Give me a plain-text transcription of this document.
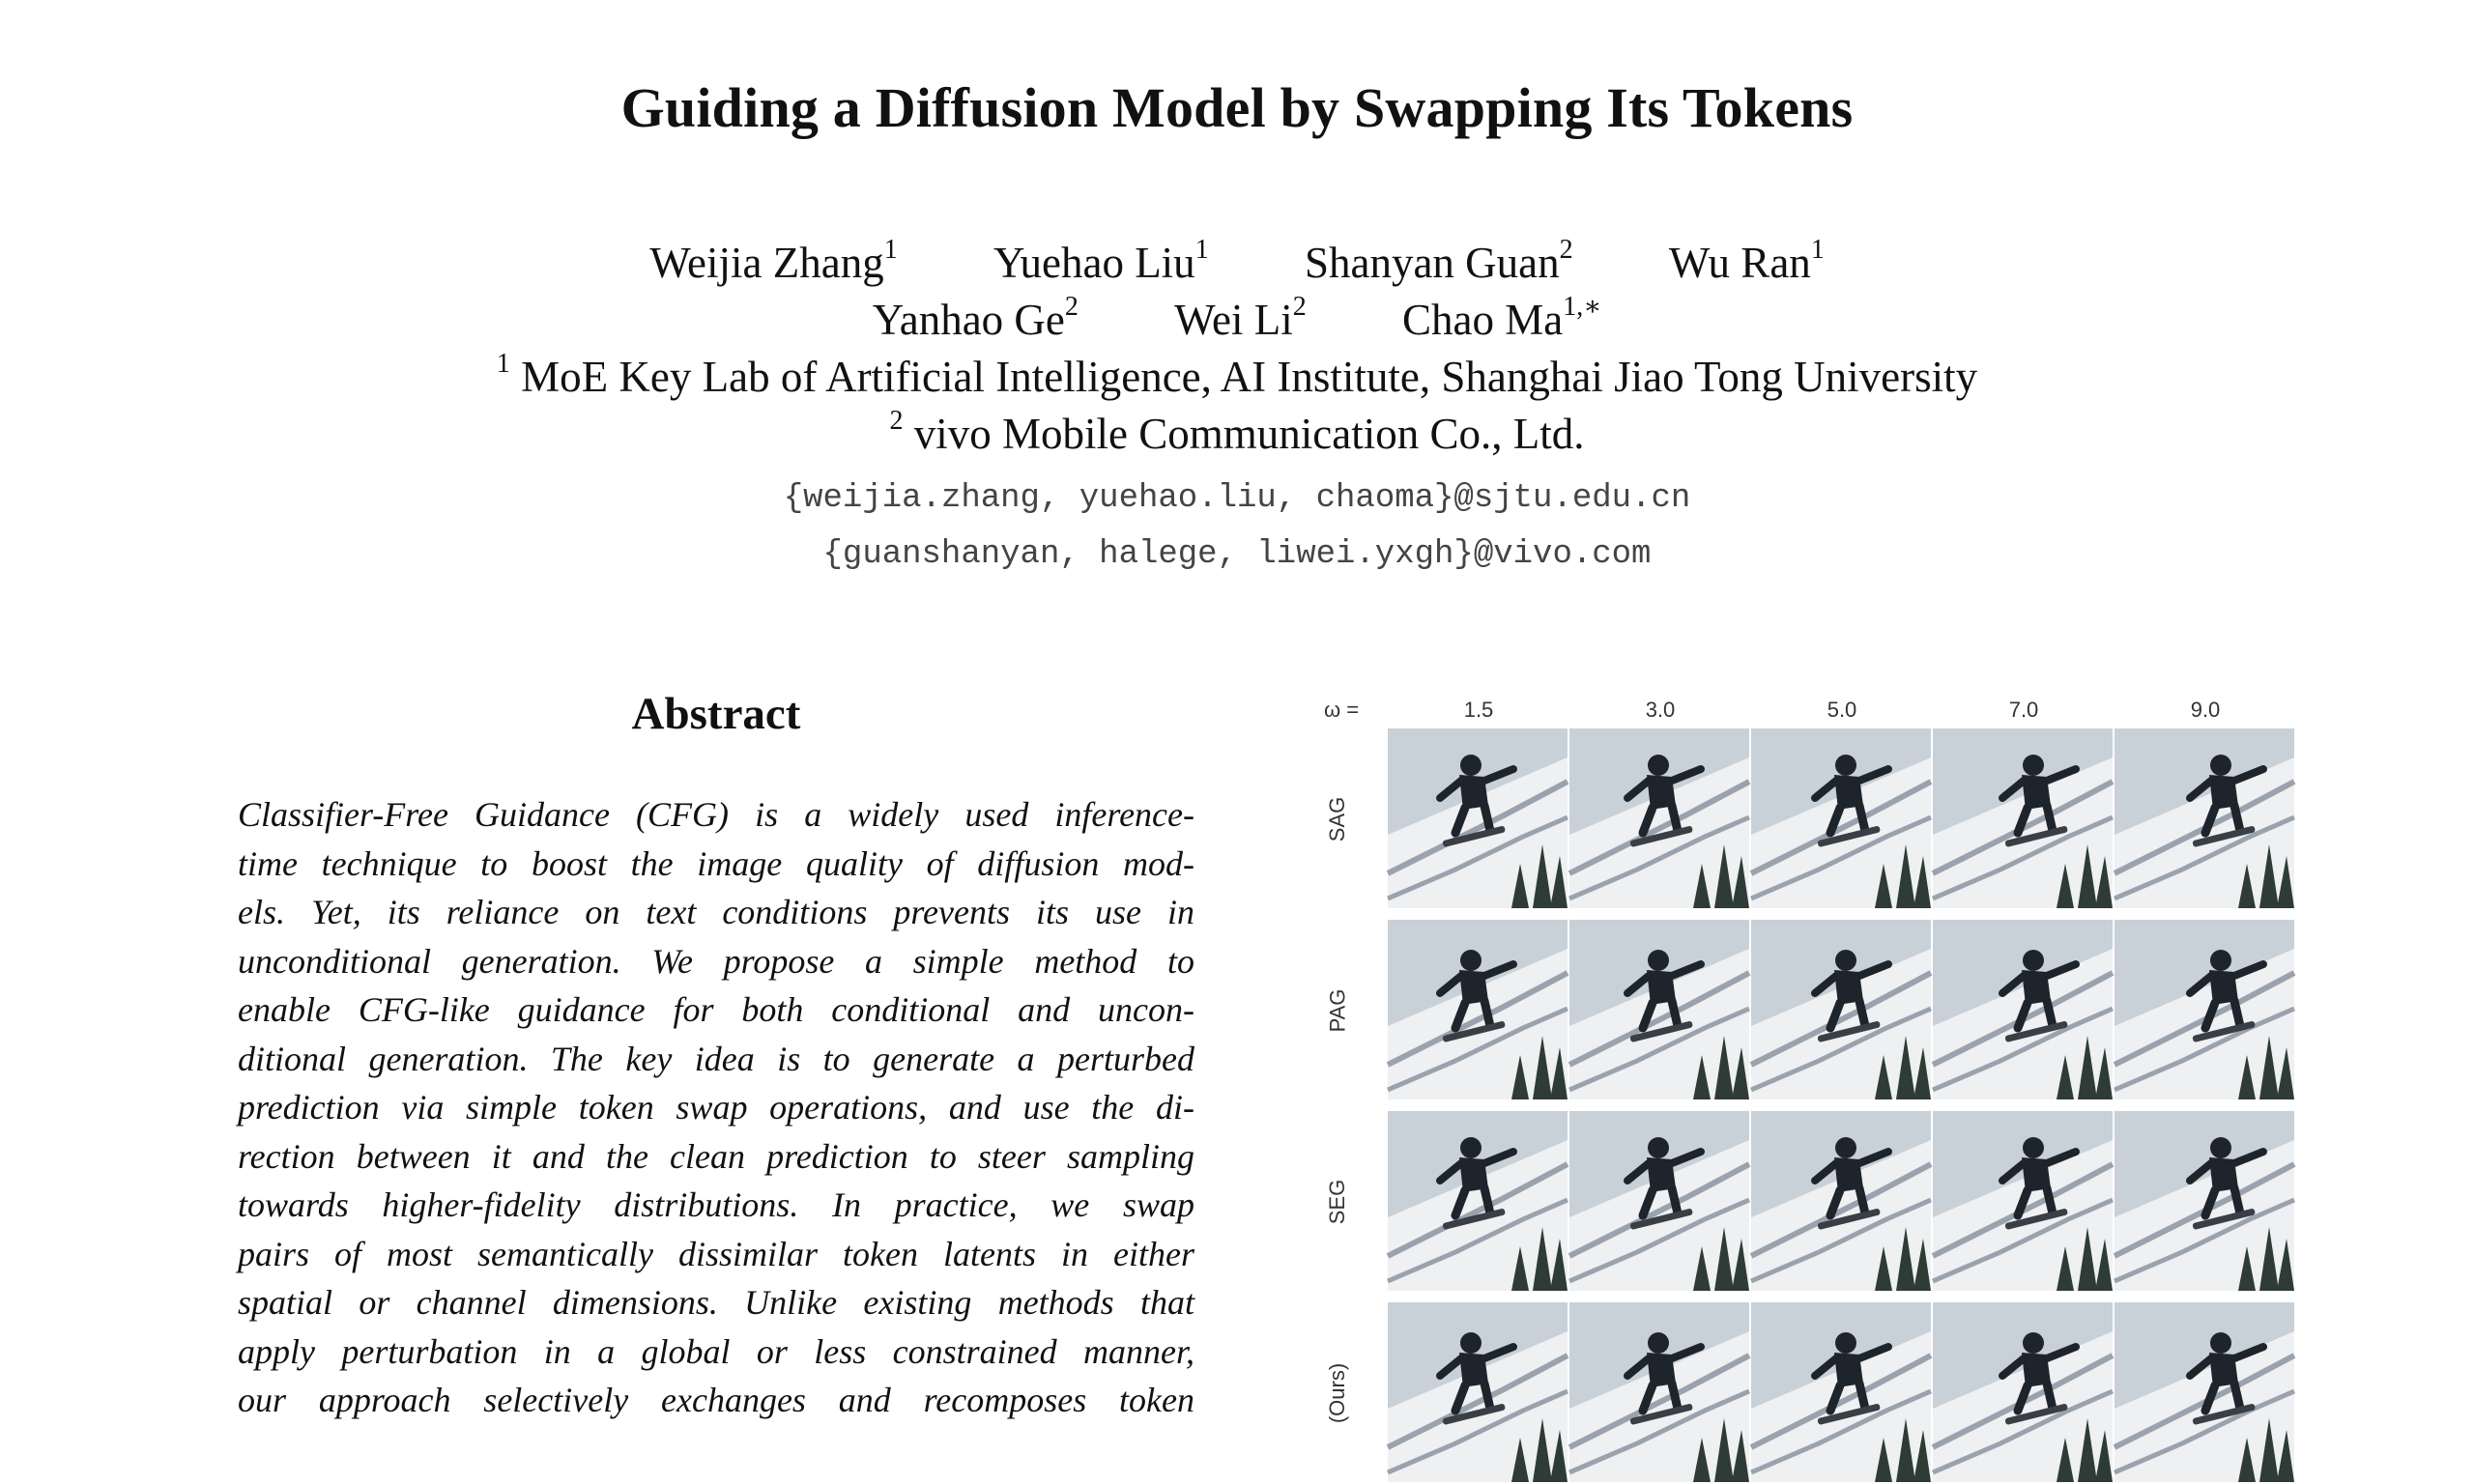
Guiding a Diffusion Model by Swapping Its Tokens
Weijia Zhang$^1$ Yuehao Liu$^1$ Shanyan Guan$^2$ Wu Ran$^1$
Yanhao Ge$^2$ Wei Li$^2$ Chao $Ma^{1,∗}$
$^1$ MoE Key Lab of Artificial Intelligence, AI Institute, Shanghai Jiao Tong University
$^2$ vivo Mobile Communication Co., Ltd.
{weijia.zhang, yuehao.liu, chaoma}@sjtu.edu.cn
{guanshanyan, halege, liwei.yxgh}@vivo.com
Abstract
Classifier-Free Guidance (CFG) is a widely used inference-
time technique to boost the image quality of diffusion mod-
els. Yet, its reliance on text conditions prevents its use in
unconditional generation. We propose a simple method to
enable CFG-like guidance for both conditional and uncon-
ditional generation. The key idea is to generate a perturbed
prediction via simple token swap operations, and use the di-
rection between it and the clean prediction to steer sampling
towards higher-fidelity distributions. In practice, we swap
pairs of most semantically dissimilar token latents in either
spatial or channel dimensions. Unlike existing methods that
apply perturbation in a global or less constrained manner,
our approach selectively exchanges and recomposes token
ω =	1.5	3.0	5.0	7.0	9.0
SAG
PAG
SEG
(Ours)
